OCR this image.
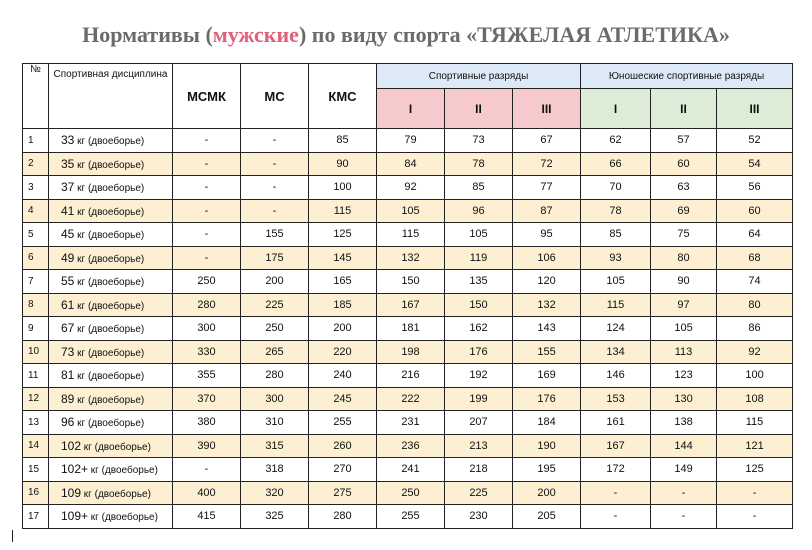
Нормативы (мужские) по виду спорта «ТЯЖЕЛАЯ АТЛЕТИКА»
№	Спортивная дисциплина	МСМК	МС	КМС	Спортивные разряды			Юношеские спортивные разряды		
					I	II	III	I	II	III
1	33 кг (двоеборье)	-	-	85	79	73	67	62	57	52
2	35 кг (двоеборье)	-	-	90	84	78	72	66	60	54
3	37 кг (двоеборье)	-	-	100	92	85	77	70	63	56
4	41 кг (двоеборье)	-	-	115	105	96	87	78	69	60
5	45 кг (двоеборье)	-	155	125	115	105	95	85	75	64
6	49 кг (двоеборье)	-	175	145	132	119	106	93	80	68
7	55 кг (двоеборье)	250	200	165	150	135	120	105	90	74
8	61 кг (двоеборье)	280	225	185	167	150	132	115	97	80
9	67 кг (двоеборье)	300	250	200	181	162	143	124	105	86
10	73 кг (двоеборье)	330	265	220	198	176	155	134	113	92
11	81 кг (двоеборье)	355	280	240	216	192	169	146	123	100
12	89 кг (двоеборье)	370	300	245	222	199	176	153	130	108
13	96 кг (двоеборье)	380	310	255	231	207	184	161	138	115
14	102 кг (двоеборье)	390	315	260	236	213	190	167	144	121
15	102+ кг (двоеборье)	-	318	270	241	218	195	172	149	125
16	109 кг (двоеборье)	400	320	275	250	225	200	-	-	-
17	109+ кг (двоеборье)	415	325	280	255	230	205	-	-	-
